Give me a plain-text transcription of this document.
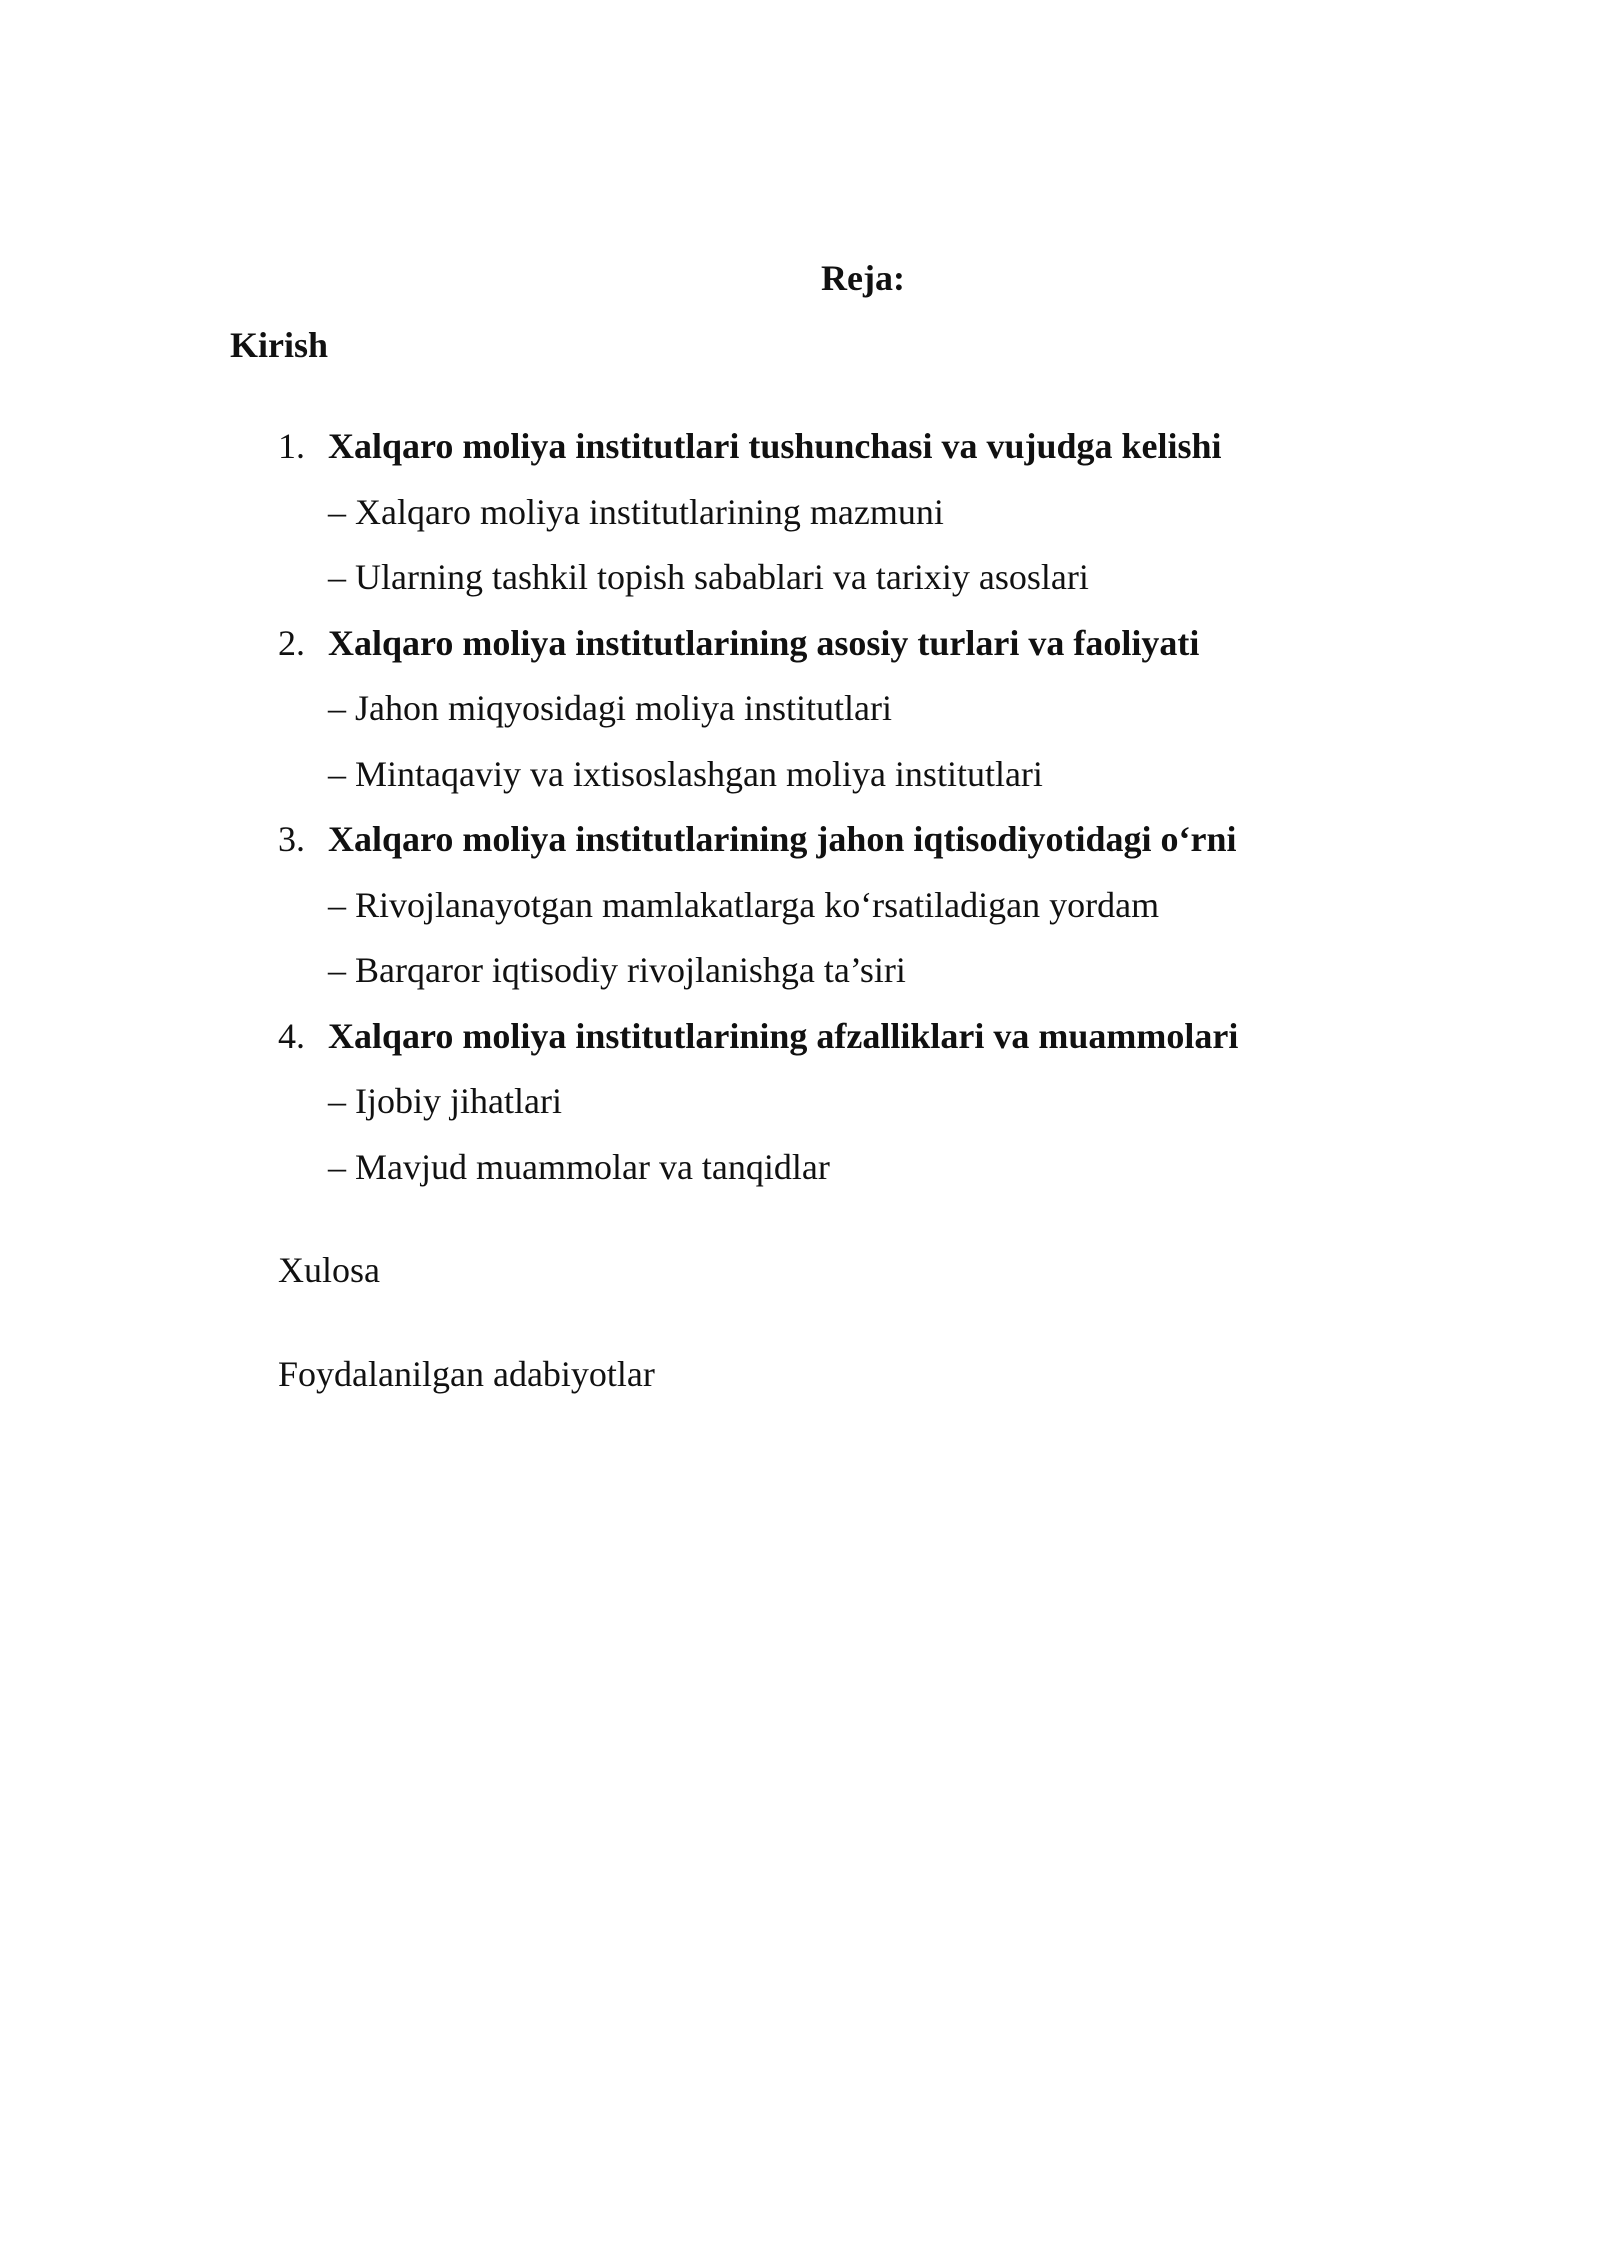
Reja:
Kirish
1. Xalqaro moliya institutlari tushunchasi va vujudga kelishi
– Xalqaro moliya institutlarining mazmuni
– Ularning tashkil topish sabablari va tarixiy asoslari
2. Xalqaro moliya institutlarining asosiy turlari va faoliyati
– Jahon miqyosidagi moliya institutlari
– Mintaqaviy va ixtisoslashgan moliya institutlari
3. Xalqaro moliya institutlarining jahon iqtisodiyotidagi o‘rni
– Rivojlanayotgan mamlakatlarga ko‘rsatiladigan yordam
– Barqaror iqtisodiy rivojlanishga ta’siri
4. Xalqaro moliya institutlarining afzalliklari va muammolari
– Ijobiy jihatlari
– Mavjud muammolar va tanqidlar
Xulosa
Foydalanilgan adabiyotlar
